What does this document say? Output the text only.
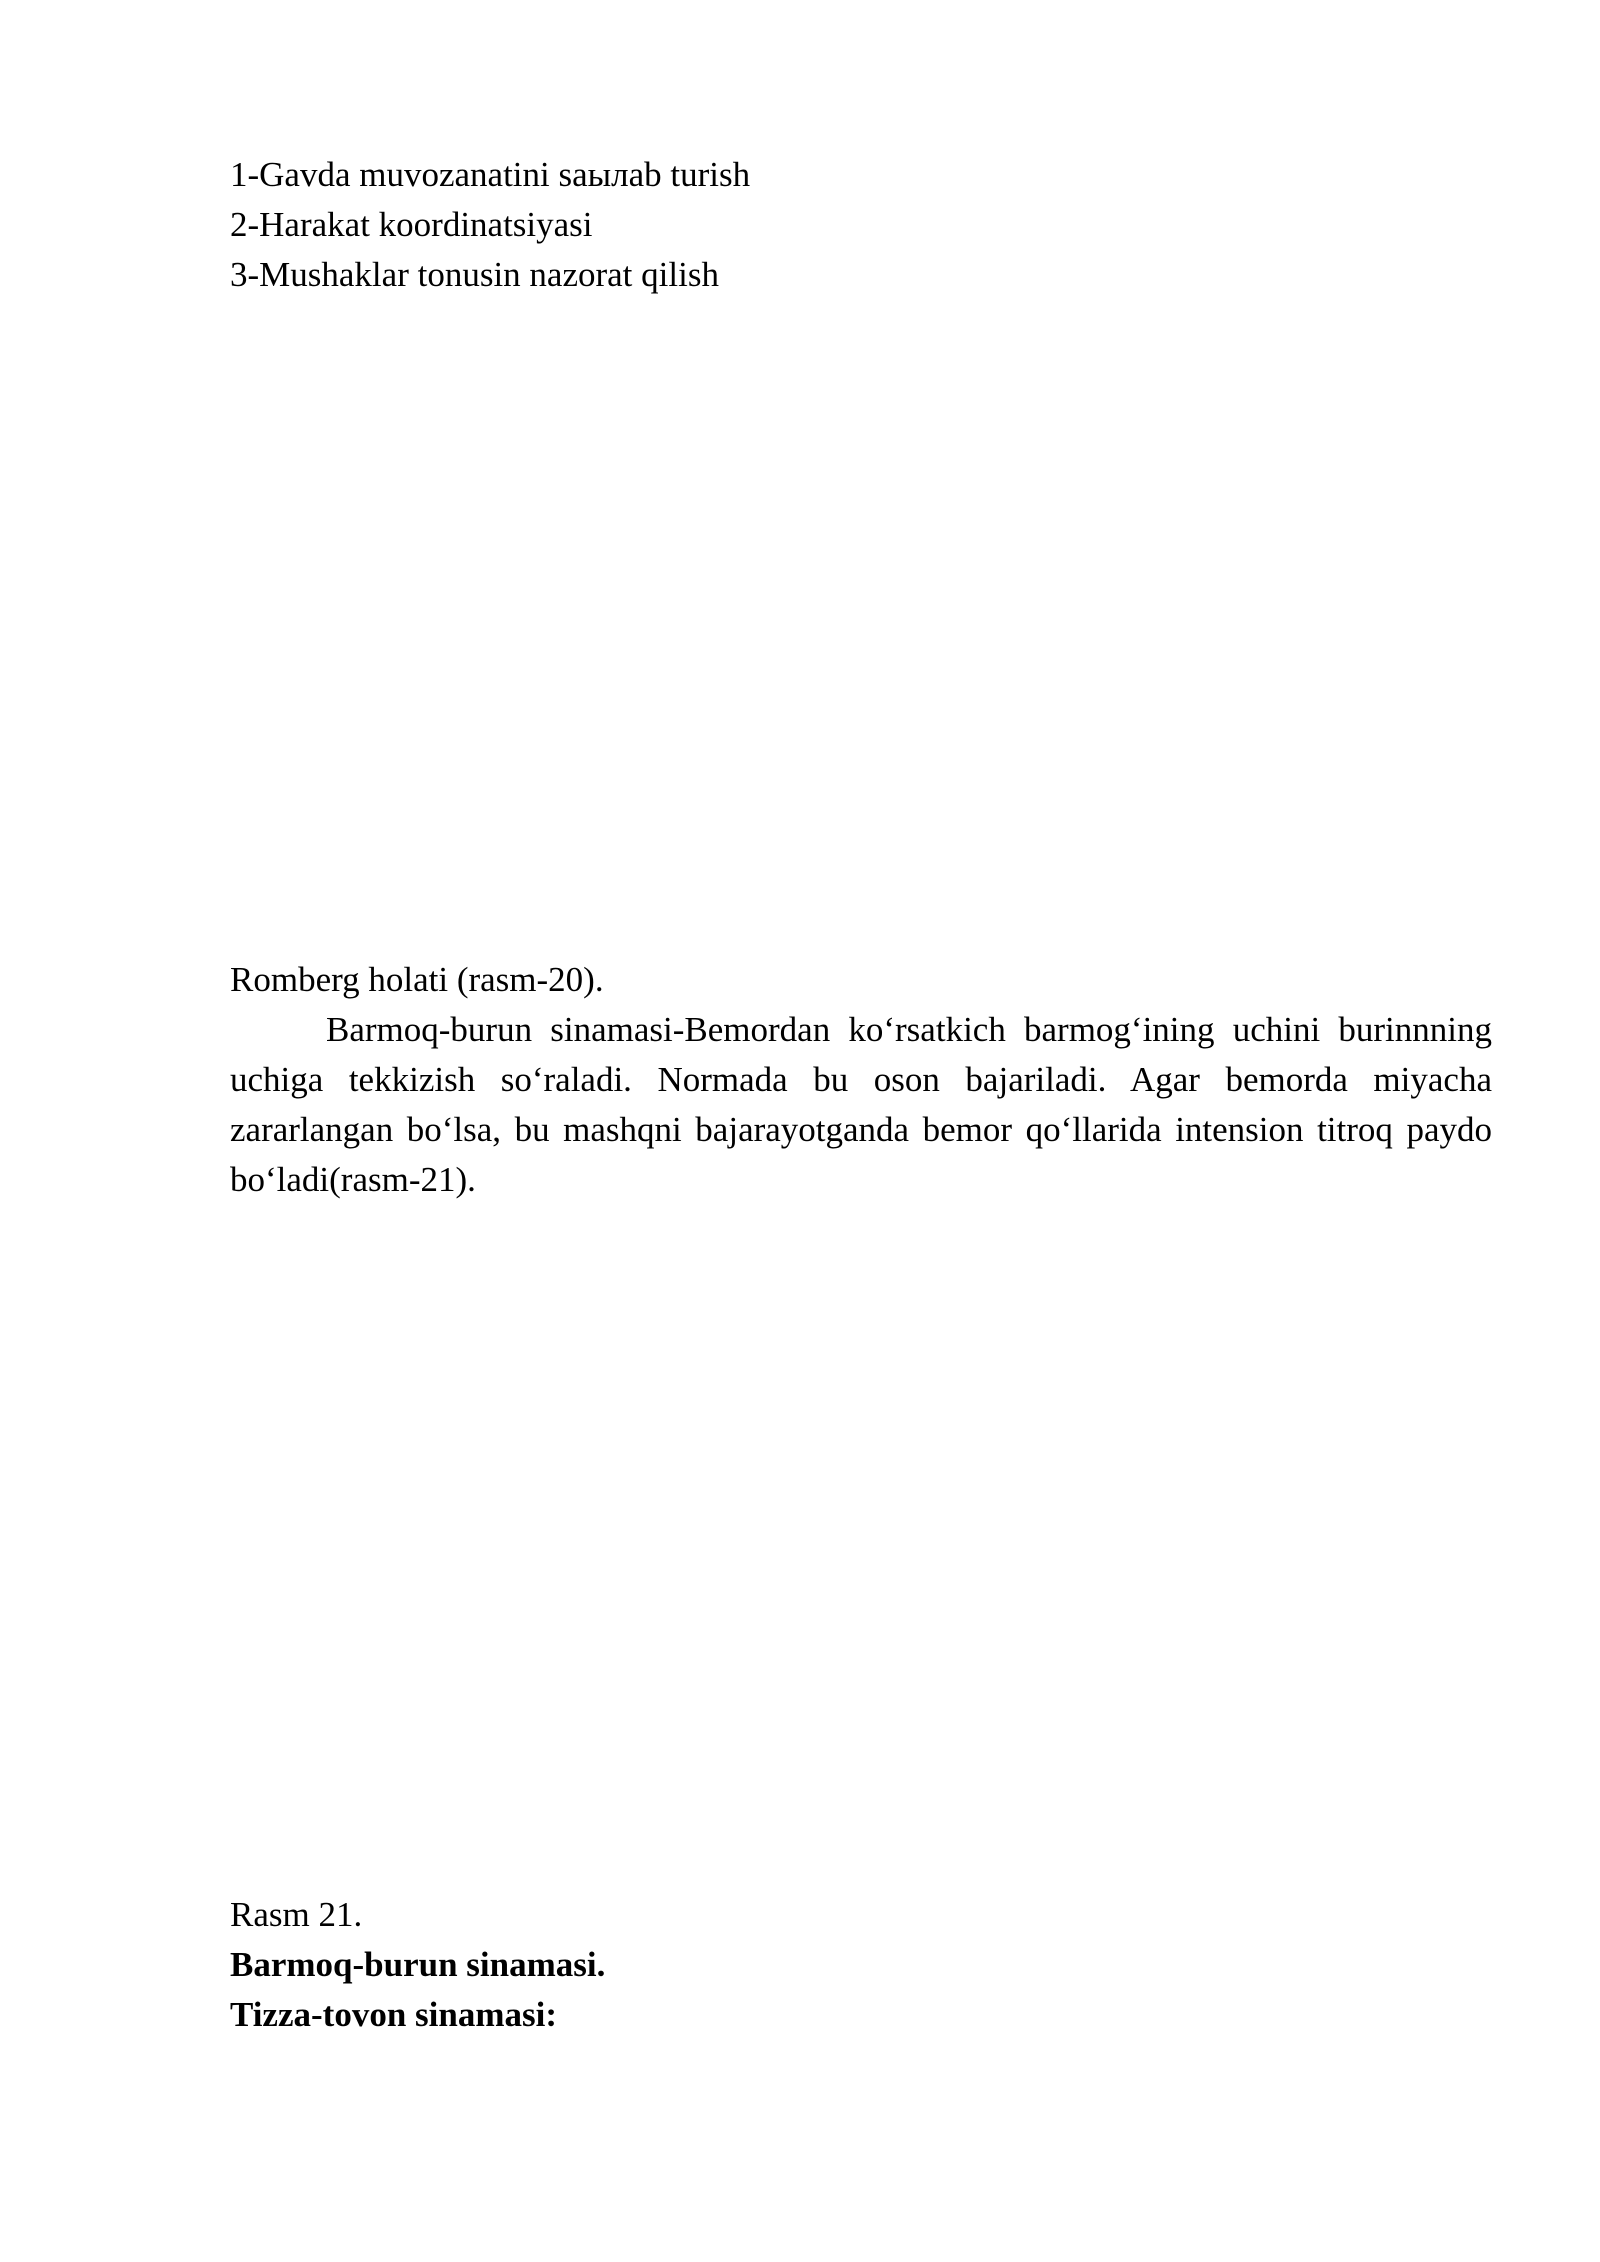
1-Gavda muvozanatini saылab turish
2-Harakat koordinatsiyasi
3-Mushaklar tonusin nazorat qilish
Romberg holati (rasm-20).
Barmoq-burun sinamasi-Bemordan ko‘rsatkich barmog‘ining uchini burinnning uchiga tekkizish so‘raladi. Normada bu oson bajariladi. Agar bemorda miyacha zararlangan bo‘lsa, bu mashqni bajarayotganda bemor qo‘llarida intension titroq paydo bo‘ladi(rasm-21).
Rasm 21.
Barmoq-burun sinamasi.
Tizza-tovon sinamasi:
